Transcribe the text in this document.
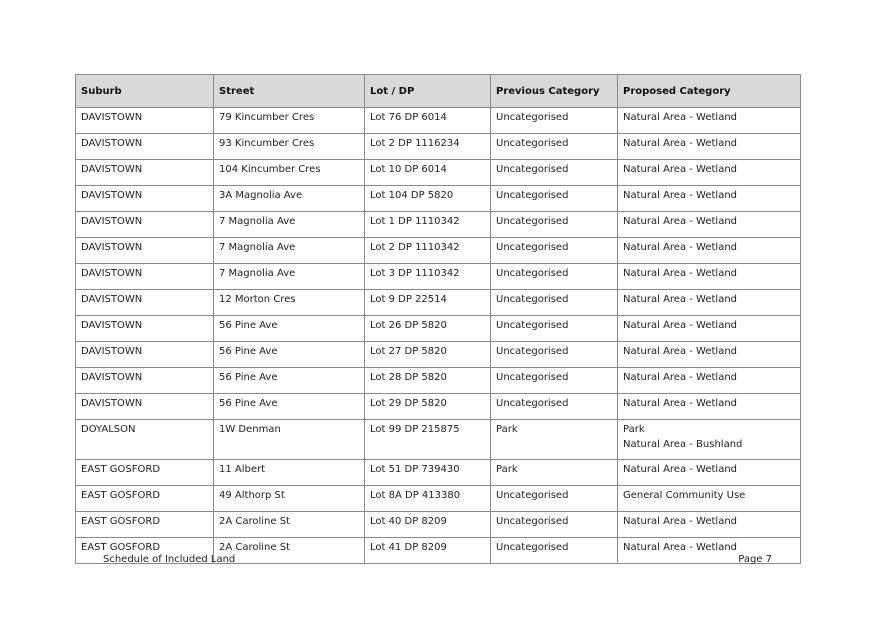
Suburb	Street	Lot / DP	Previous Category	Proposed Category
DAVISTOWN	79 Kincumber Cres	Lot 76 DP 6014	Uncategorised	Natural Area - Wetland

DAVISTOWN	93 Kincumber Cres	Lot 2 DP 1116234	Uncategorised	Natural Area - Wetland

DAVISTOWN	104 Kincumber Cres	Lot 10 DP 6014	Uncategorised	Natural Area - Wetland

DAVISTOWN	3A Magnolia Ave	Lot 104 DP 5820	Uncategorised	Natural Area - Wetland

DAVISTOWN	7 Magnolia Ave	Lot 1 DP 1110342	Uncategorised	Natural Area - Wetland

DAVISTOWN	7 Magnolia Ave	Lot 2 DP 1110342	Uncategorised	Natural Area - Wetland

DAVISTOWN	7 Magnolia Ave	Lot 3 DP 1110342	Uncategorised	Natural Area - Wetland

DAVISTOWN	12 Morton Cres	Lot 9 DP 22514	Uncategorised	Natural Area - Wetland

DAVISTOWN	56 Pine Ave	Lot 26 DP 5820	Uncategorised	Natural Area - Wetland

DAVISTOWN	56 Pine Ave	Lot 27 DP 5820	Uncategorised	Natural Area - Wetland

DAVISTOWN	56 Pine Ave	Lot 28 DP 5820	Uncategorised	Natural Area - Wetland

DAVISTOWN	56 Pine Ave	Lot 29 DP 5820	Uncategorised	Natural Area - Wetland

DOYALSON	1W Denman	Lot 99 DP 215875	Park	Park
Natural Area - Bushland

EAST GOSFORD	11 Albert	Lot 51 DP 739430	Park	Natural Area - Wetland

EAST GOSFORD	49 Althorp St	Lot 8A DP 413380	Uncategorised	General Community Use

EAST GOSFORD	2A Caroline St	Lot 40 DP 8209	Uncategorised	Natural Area - Wetland

EAST GOSFORD	2A Caroline St	Lot 41 DP 8209	Uncategorised	Natural Area - Wetland
Schedule of Included Land	Page 7
